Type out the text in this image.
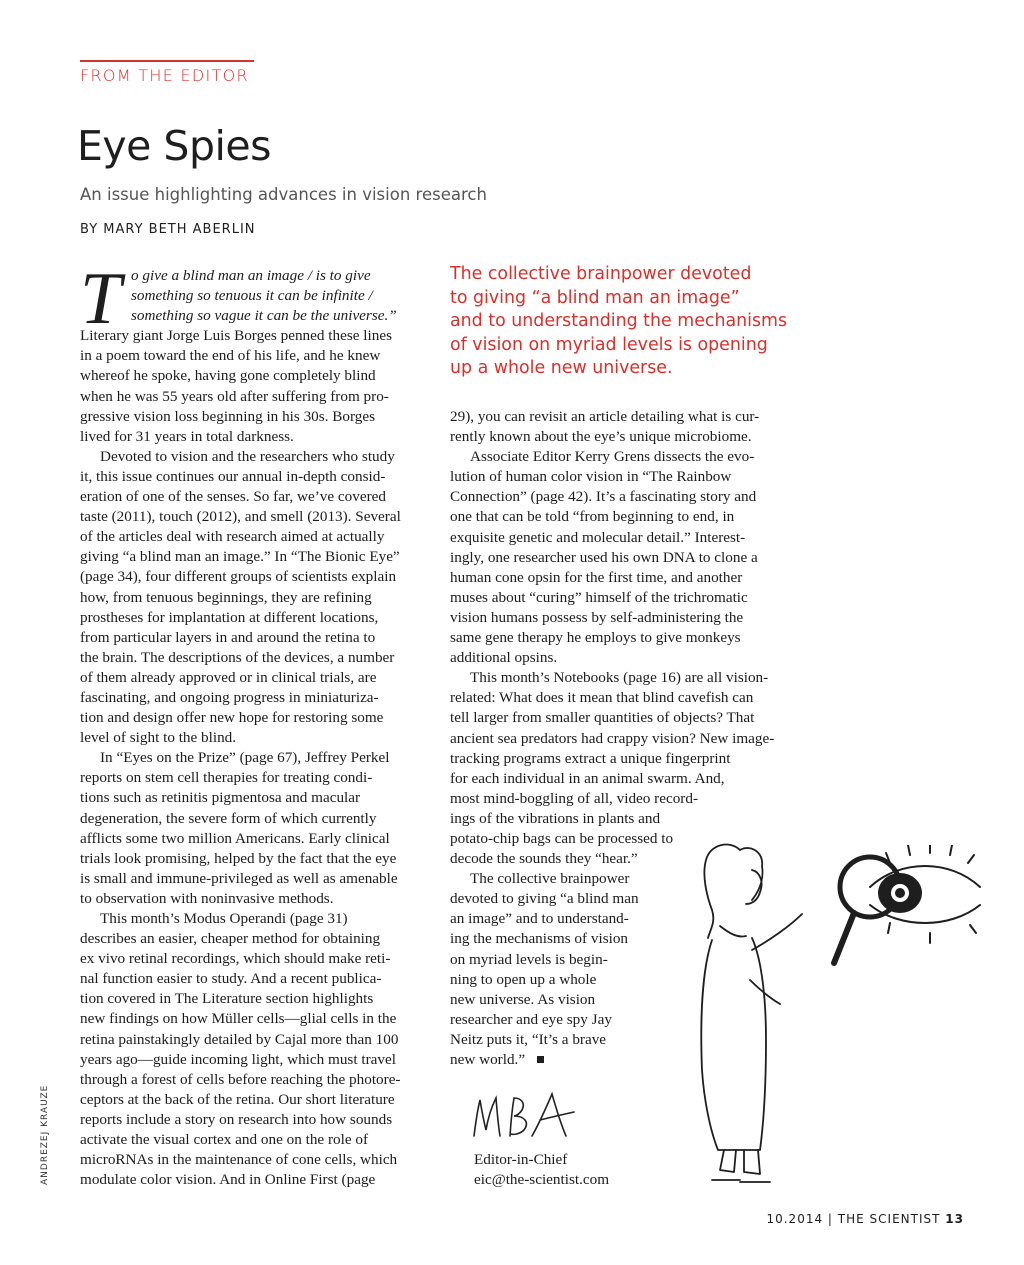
FROM THE EDITOR
Eye Spies
An issue highlighting advances in vision research
BY MARY BETH ABERLIN
T o give a blind man an image / is to give

something so tenuous it can be infinite /

something so vague it can be the universe.”

Literary giant Jorge Luis Borges penned these lines

in a poem toward the end of his life, and he knew

whereof he spoke, having gone completely blind

when he was 55 years old after suffering from pro-

gressive vision loss beginning in his 30s. Borges

lived for 31 years in total darkness.

Devoted to vision and the researchers who study

it, this issue continues our annual in-depth consid-

eration of one of the senses. So far, we’ve covered

taste (2011), touch (2012), and smell (2013). Several

of the articles deal with research aimed at actually

giving “a blind man an image.” In “The Bionic Eye”

(page 34), four different groups of scientists explain

how, from tenuous beginnings, they are refining

prostheses for implantation at different locations,

from particular layers in and around the retina to

the brain. The descriptions of the devices, a number

of them already approved or in clinical trials, are

fascinating, and ongoing progress in miniaturiza-

tion and design offer new hope for restoring some

level of sight to the blind.

In “Eyes on the Prize” (page 67), Jeffrey Perkel

reports on stem cell therapies for treating condi-

tions such as retinitis pigmentosa and macular

degeneration, the severe form of which currently

afflicts some two million Americans. Early clinical

trials look promising, helped by the fact that the eye

is small and immune-privileged as well as amenable

to observation with noninvasive methods.

This month’s Modus Operandi (page 31)

describes an easier, cheaper method for obtaining

ex vivo retinal recordings, which should make reti-

nal function easier to study. And a recent publica-

tion covered in The Literature section highlights

new findings on how Müller cells—glial cells in the

retina painstakingly detailed by Cajal more than 100

years ago—guide incoming light, which must travel

through a forest of cells before reaching the photore-

ceptors at the back of the retina. Our short literature

reports include a story on research into how sounds

activate the visual cortex and one on the role of

microRNAs in the maintenance of cone cells, which

modulate color vision. And in Online First (page

The collective brainpower devoted

to giving “a blind man an image”

and to understanding the mechanisms

of vision on myriad levels is opening

up a whole new universe.

29), you can revisit an article detailing what is cur-

rently known about the eye’s unique microbiome.

Associate Editor Kerry Grens dissects the evo-

lution of human color vision in “The Rainbow

Connection” (page 42). It’s a fascinating story and

one that can be told “from beginning to end, in

exquisite genetic and molecular detail.” Interest-

ingly, one researcher used his own DNA to clone a

human cone opsin for the first time, and another

muses about “curing” himself of the trichromatic

vision humans possess by self-administering the

same gene therapy he employs to give monkeys

additional opsins.

This month’s Notebooks (page 16) are all vision-

related: What does it mean that blind cavefish can

tell larger from smaller quantities of objects? That

ancient sea predators had crappy vision? New image-

tracking programs extract a unique fingerprint

for each individual in an animal swarm. And,

most mind-boggling of all, video record-

ings of the vibrations in plants and

potato-chip bags can be processed to

decode the sounds they “hear.”

The collective brainpower

devoted to giving “a blind man

an image” and to understand-

ing the mechanisms of vision

on myriad levels is begin-

ning to open up a whole

new universe. As vision

researcher and eye spy Jay

Neitz puts it, “It’s a brave

new world.”

Editor-in-Chief

eic@the-scientist.com

ANDREZEJ KRAUZE
10.2014 | THE SCIENTIST 13
